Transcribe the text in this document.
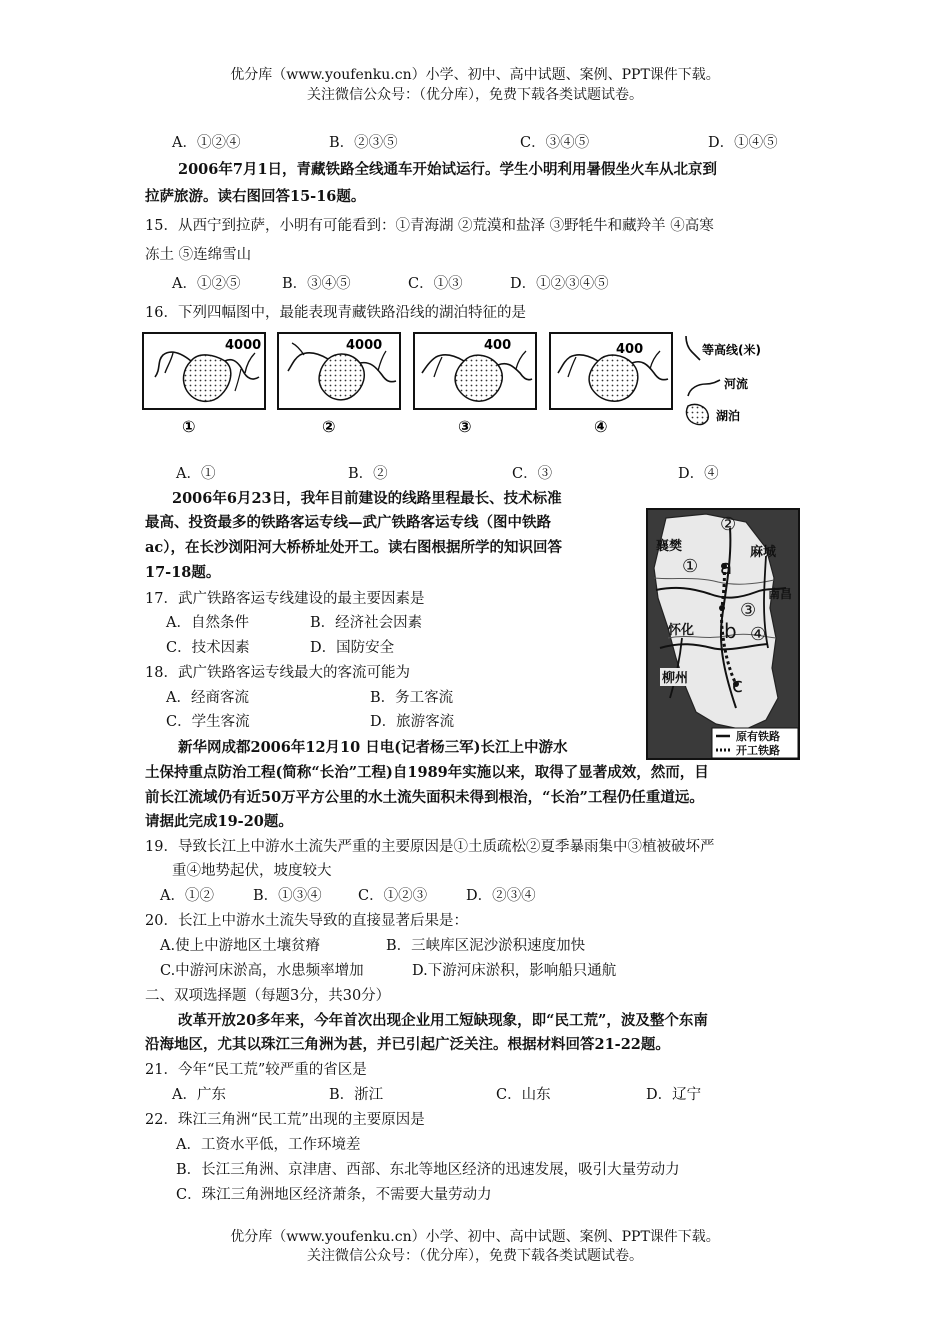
优分库（www.youfenku.cn）小学、初中、高中试题、案例、PPT课件下载。
关注微信公众号：（优分库），免费下载各类试题试卷。
A．①②④	B．②③⑤	C．③④⑤	D．①④⑤
2006年7月1日，青藏铁路全线通车开始试运行。学生小明利用暑假坐火车从北京到
拉萨旅游。读右图回答15-16题。
15．从西宁到拉萨，小明有可能看到：①青海湖 ②荒漠和盐泽 ③野牦牛和藏羚羊 ④高寒
冻土 ⑤连绵雪山
A．①②⑤	B．③④⑤	C．①③	D．①②③④⑤
16．下列四幅图中，最能表现青藏铁路沿线的湖泊特征的是
4000
①
4000
②
400
③
400
④
等高线(米)
河流
湖泊
A．①	B．②	C．③	D．④
2006年6月23日，我年目前建设的线路里程最长、技术标准
最高、投资最多的铁路客运专线—武广铁路客运专线（图中铁路
ac），在长沙浏阳河大桥桥址处开工。读右图根据所学的知识回答
17-18题。
17．武广铁路客运专线建设的最主要因素是
A．自然条件	B．经济社会因素
C．技术因素	D．国防安全
18．武广铁路客运专线最大的客流可能为
A．经商客流	B．务工客流
C．学生客流	D．旅游客流
襄樊	麻城
南昌
怀化
柳州
a
b
c
①
②
③
④
原有铁路
开工铁路
新华网成都2006年12月10 日电(记者杨三军)长江上中游水
土保持重点防治工程(简称“长治”工程)自1989年实施以来，取得了显著成效，然而，目
前长江流域仍有近50万平方公里的水土流失面积未得到根治，“长治”工程仍任重道远。
请据此完成19-20题。
19．导致长江上中游水土流失严重的主要原因是①土质疏松②夏季暴雨集中③植被破坏严
重④地势起伏，坡度较大
A．①②	B．①③④	C．①②③	D．②③④
20．长江上中游水土流失导致的直接显著后果是：
A.使上中游地区土壤贫瘠	B．三峡库区泥沙淤积速度加快
C.中游河床淤高，水患频率增加	D.下游河床淤积，影响船只通航
二、双项选择题（每题3分，共30分）
改革开放20多年来，今年首次出现企业用工短缺现象，即“民工荒”，波及整个东南
沿海地区，尤其以珠江三角洲为甚，并已引起广泛关注。根据材料回答21-22题。
21．今年“民工荒”较严重的省区是
A．广东	B．浙江	C．山东	D．辽宁
22．珠江三角洲“民工荒”出现的主要原因是
A．工资水平低，工作环境差
B．长江三角洲、京津唐、西部、东北等地区经济的迅速发展，吸引大量劳动力
C．珠江三角洲地区经济萧条，不需要大量劳动力
优分库（www.youfenku.cn）小学、初中、高中试题、案例、PPT课件下载。
关注微信公众号：（优分库），免费下载各类试题试卷。
